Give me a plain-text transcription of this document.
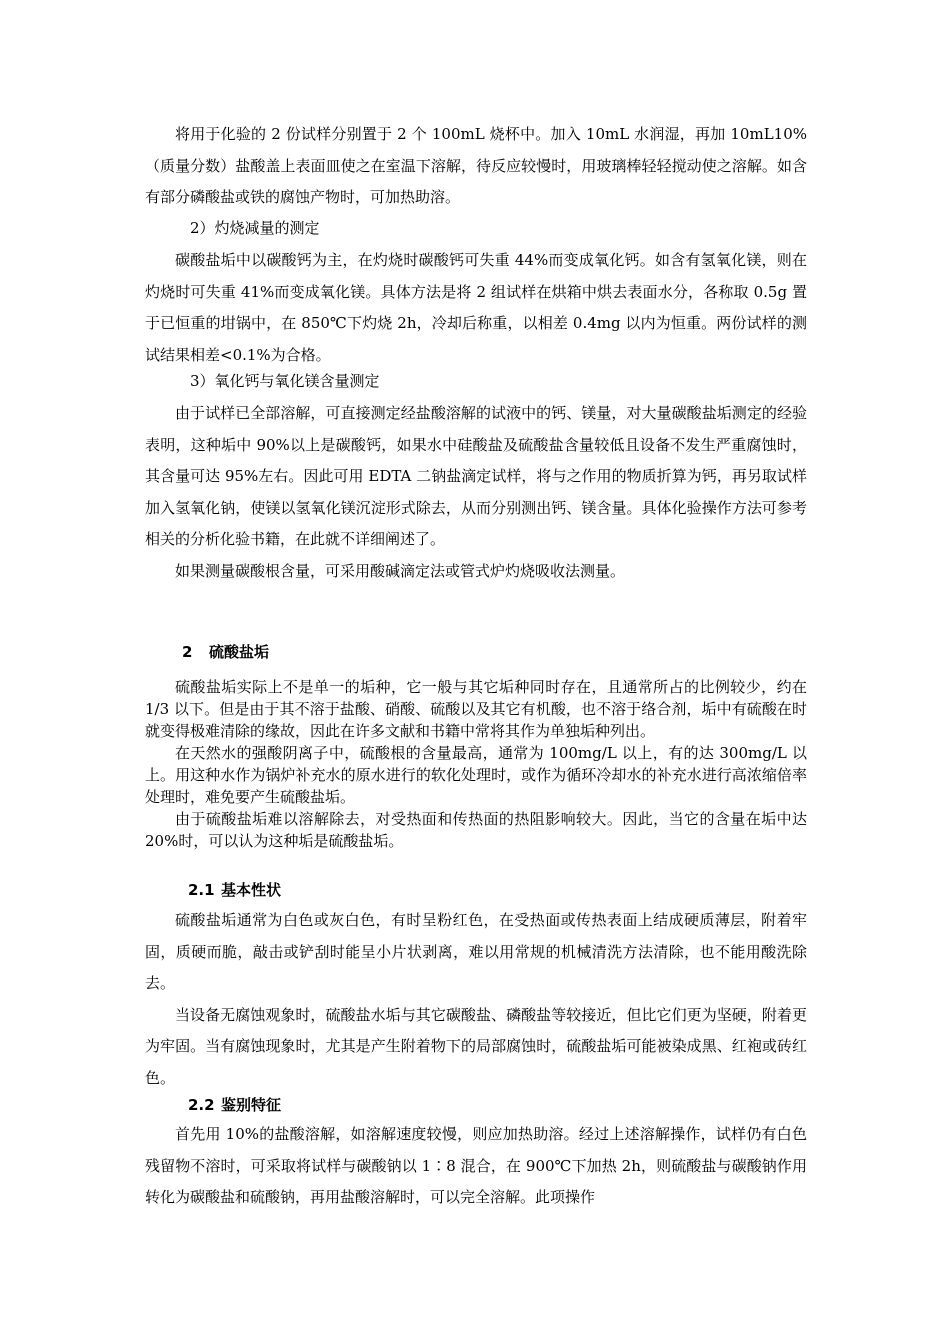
将用于化验的 2 份试样分别置于 2 个 100mL 烧杯中。加入 10mL 水润湿，再加 10mL10%（质量分数）盐酸盖上表面皿使之在室温下溶解，待反应较慢时，用玻璃棒轻轻搅动使之溶解。如含有部分磷酸盐或铁的腐蚀产物时，可加热助溶。

2）灼烧减量的测定

碳酸盐垢中以碳酸钙为主，在灼烧时碳酸钙可失重 44%而变成氧化钙。如含有氢氧化镁，则在灼烧时可失重 41%而变成氧化镁。具体方法是将 2 组试样在烘箱中烘去表面水分，各称取 0.5g 置于已恒重的坩锅中，在 850℃下灼烧 2h，冷却后称重，以相差 0.4mg 以内为恒重。两份试样的测试结果相差<0.1%为合格。

3）氧化钙与氧化镁含量测定

由于试样已全部溶解，可直接测定经盐酸溶解的试液中的钙、镁量，对大量碳酸盐垢测定的经验表明，这种垢中 90%以上是碳酸钙，如果水中硅酸盐及硫酸盐含量较低且设备不发生严重腐蚀时，其含量可达 95%左右。因此可用 EDTA 二钠盐滴定试样，将与之作用的物质折算为钙，再另取试样加入氢氧化钠，使镁以氢氧化镁沉淀形式除去，从而分别测出钙、镁含量。具体化验操作方法可参考相关的分析化验书籍，在此就不详细阐述了。

如果测量碳酸根含量，可采用酸碱滴定法或管式炉灼烧吸收法测量。

2 硫酸盐垢

硫酸盐垢实际上不是单一的垢种，它一般与其它垢种同时存在，且通常所占的比例较少，约在 1/3 以下。但是由于其不溶于盐酸、硝酸、硫酸以及其它有机酸，也不溶于络合剂，垢中有硫酸在时就变得极难清除的缘故，因此在许多文献和书籍中常将其作为单独垢种列出。

在天然水的强酸阴离子中，硫酸根的含量最高，通常为 100mg/L 以上，有的达 300mg/L 以上。用这种水作为锅炉补充水的原水进行的软化处理时，或作为循环冷却水的补充水进行高浓缩倍率处理时，难免要产生硫酸盐垢。

由于硫酸盐垢难以溶解除去，对受热面和传热面的热阻影响较大。因此，当它的含量在垢中达 20%时，可以认为这种垢是硫酸盐垢。

2.1 基本性状

硫酸盐垢通常为白色或灰白色，有时呈粉红色，在受热面或传热表面上结成硬质薄层，附着牢固，质硬而脆，敲击或铲刮时能呈小片状剥离，难以用常规的机械清洗方法清除，也不能用酸洗除去。

当设备无腐蚀观象时，硫酸盐水垢与其它碳酸盐、磷酸盐等较接近，但比它们更为坚硬，附着更为牢固。当有腐蚀现象时，尤其是产生附着物下的局部腐蚀时，硫酸盐垢可能被染成黑、红袍或砖红色。

2.2 鉴别特征

首先用 10%的盐酸溶解，如溶解速度较慢，则应加热助溶。经过上述溶解操作，试样仍有白色残留物不溶时，可采取将试样与碳酸钠以 1∶8 混合，在 900℃下加热 2h，则硫酸盐与碳酸钠作用转化为碳酸盐和硫酸钠，再用盐酸溶解时，可以完全溶解。此项操作
